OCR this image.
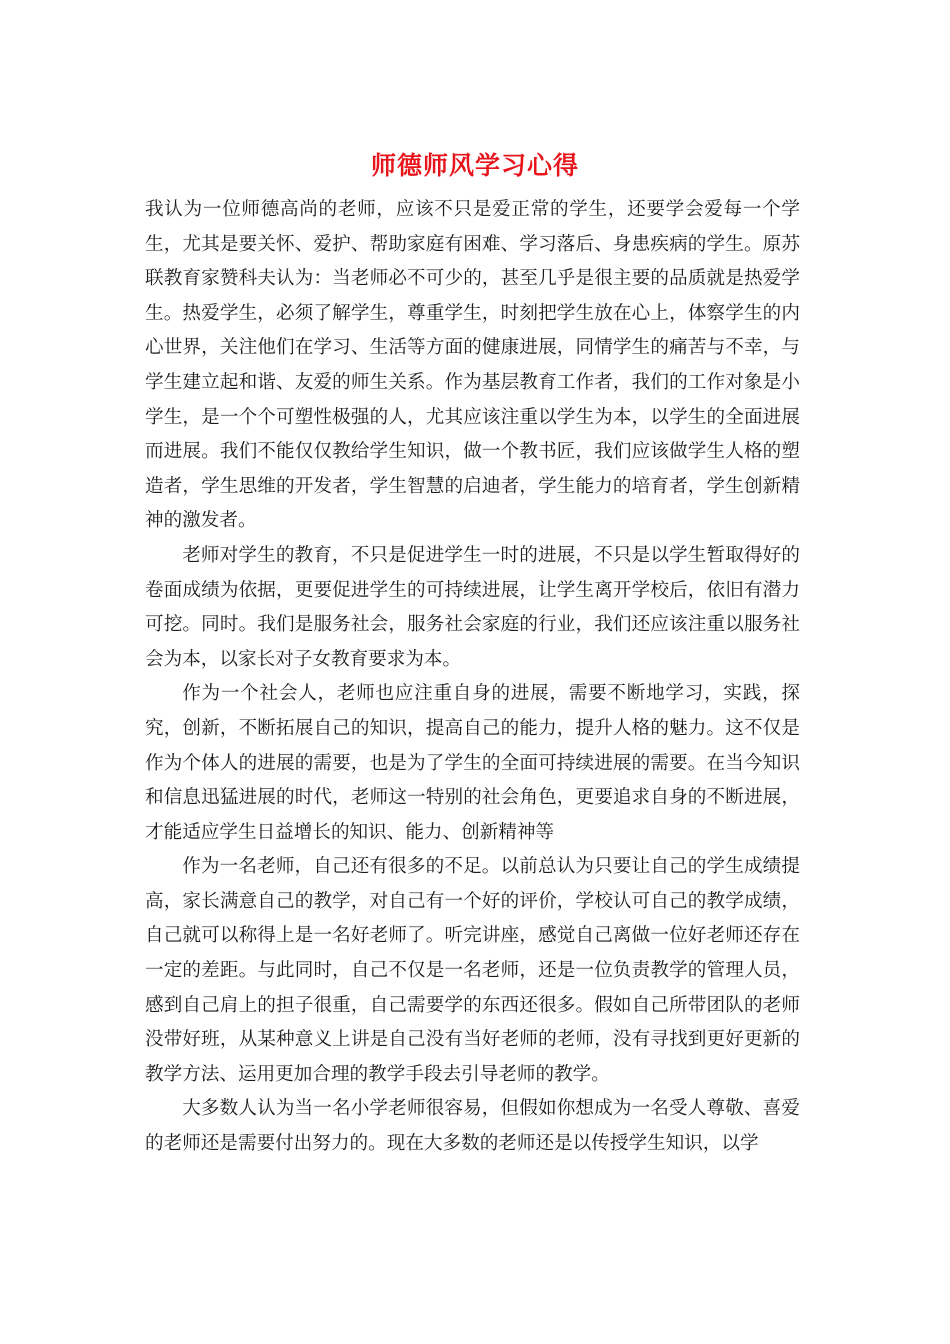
师德师风学习心得

我认为一位师德高尚的老师，应该不只是爱正常的学生，还要学会爱每一个学生，尤其是要关怀、爱护、帮助家庭有困难、学习落后、身患疾病的学生。原苏联教育家赞科夫认为：当老师必不可少的，甚至几乎是很主要的品质就是热爱学生。热爱学生，必须了解学生，尊重学生，时刻把学生放在心上，体察学生的内心世界，关注他们在学习、生活等方面的健康进展，同情学生的痛苦与不幸，与学生建立起和谐、友爱的师生关系。作为基层教育工作者，我们的工作对象是小学生，是一个个可塑性极强的人，尤其应该注重以学生为本，以学生的全面进展而进展。我们不能仅仅教给学生知识，做一个教书匠，我们应该做学生人格的塑造者，学生思维的开发者，学生智慧的启迪者，学生能力的培育者，学生创新精神的激发者。

老师对学生的教育，不只是促进学生一时的进展，不只是以学生暂取得好的卷面成绩为依据，更要促进学生的可持续进展，让学生离开学校后，依旧有潜力可挖。同时。我们是服务社会，服务社会家庭的行业，我们还应该注重以服务社会为本，以家长对子女教育要求为本。

作为一个社会人，老师也应注重自身的进展，需要不断地学习，实践，探究，创新，不断拓展自己的知识，提高自己的能力，提升人格的魅力。这不仅是作为个体人的进展的需要，也是为了学生的全面可持续进展的需要。在当今知识和信息迅猛进展的时代，老师这一特别的社会角色，更要追求自身的不断进展，才能适应学生日益增长的知识、能力、创新精神等

作为一名老师，自己还有很多的不足。以前总认为只要让自己的学生成绩提高，家长满意自己的教学，对自己有一个好的评价，学校认可自己的教学成绩，自己就可以称得上是一名好老师了。听完讲座，感觉自己离做一位好老师还存在一定的差距。与此同时，自己不仅是一名老师，还是一位负责教学的管理人员，感到自己肩上的担子很重，自己需要学的东西还很多。假如自己所带团队的老师没带好班，从某种意义上讲是自己没有当好老师的老师，没有寻找到更好更新的教学方法、运用更加合理的教学手段去引导老师的教学。

大多数人认为当一名小学老师很容易，但假如你想成为一名受人尊敬、喜爱的老师还是需要付出努力的。现在大多数的老师还是以传授学生知识，以学
